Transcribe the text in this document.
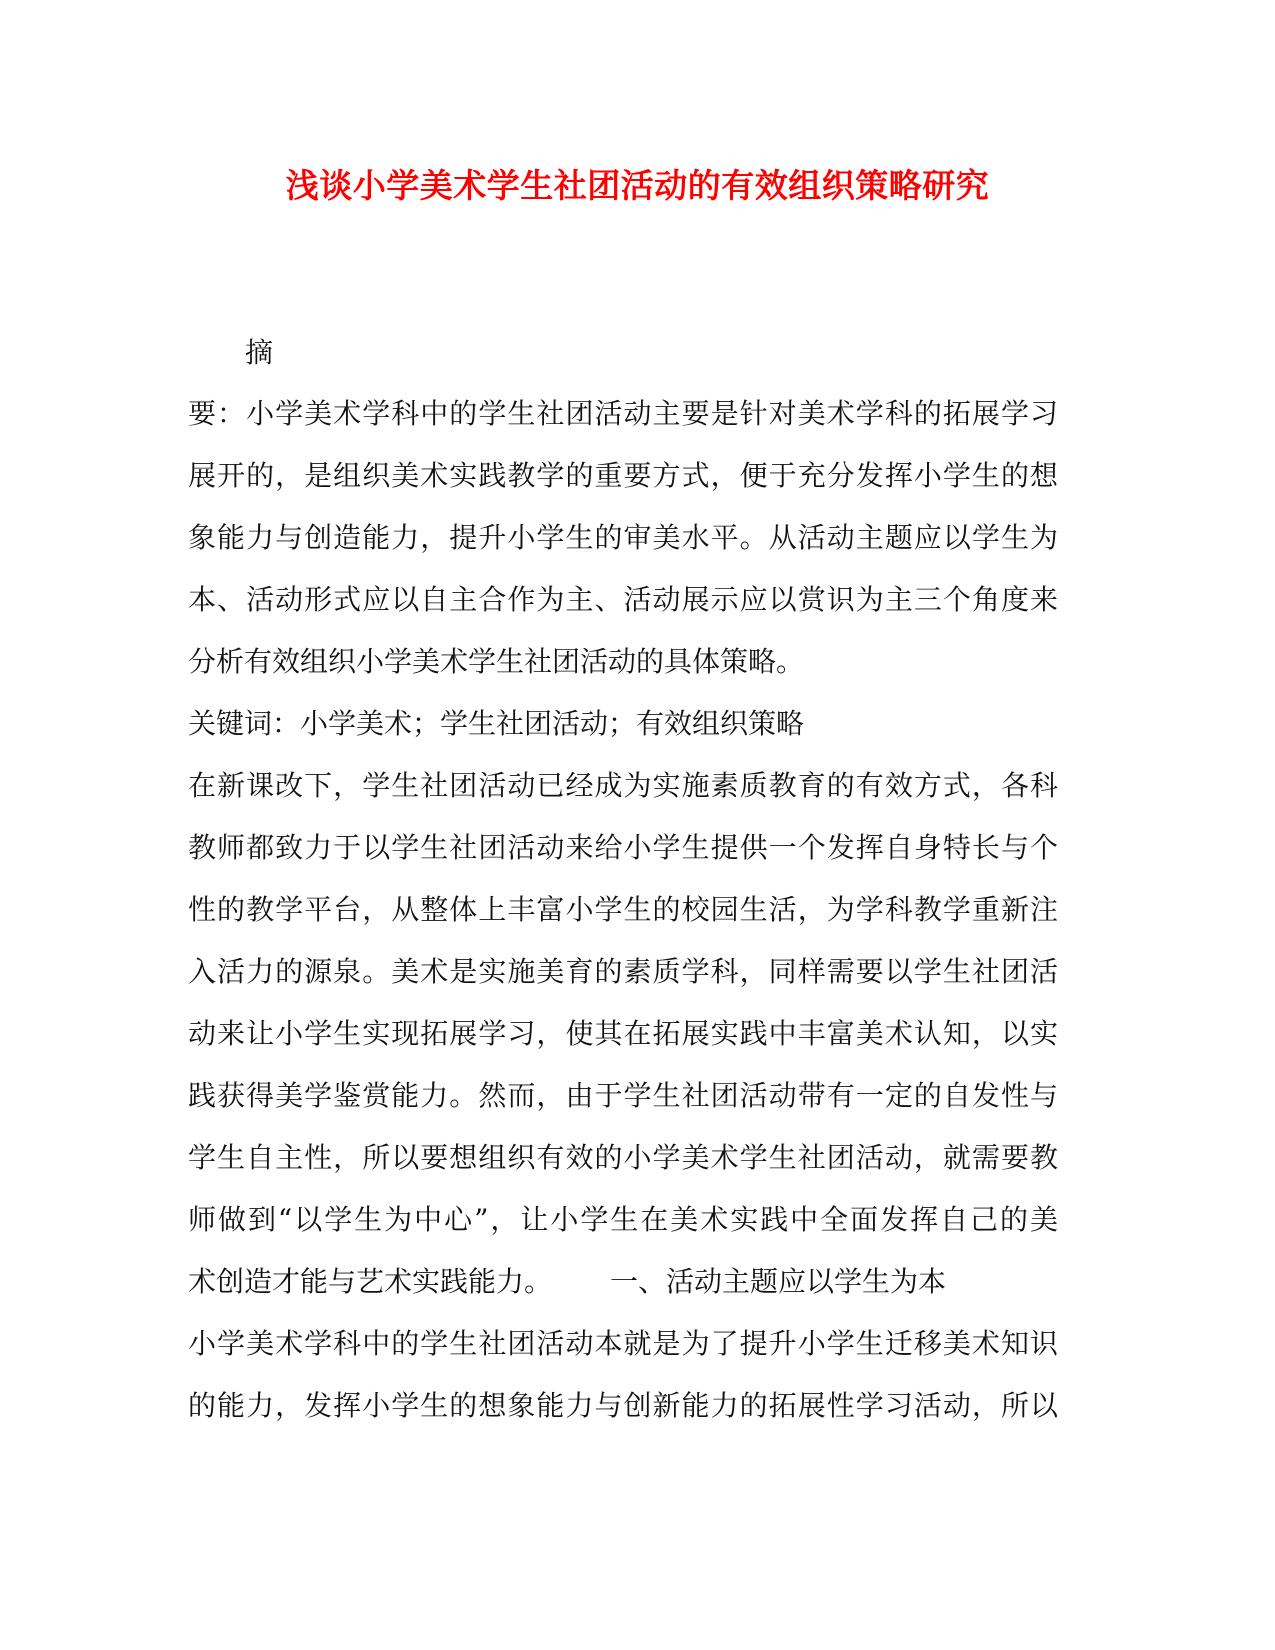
浅谈小学美术学生社团活动的有效组织策略研究

摘

要：小学美术学科中的学生社团活动主要是针对美术学科的拓展学习

展开的，是组织美术实践教学的重要方式，便于充分发挥小学生的想

象能力与创造能力，提升小学生的审美水平。从活动主题应以学生为

本、活动形式应以自主合作为主、活动展示应以赏识为主三个角度来

分析有效组织小学美术学生社团活动的具体策略。

关键词：小学美术；学生社团活动；有效组织策略

在新课改下，学生社团活动已经成为实施素质教育的有效方式，各科

教师都致力于以学生社团活动来给小学生提供一个发挥自身特长与个

性的教学平台，从整体上丰富小学生的校园生活，为学科教学重新注

入活力的源泉。美术是实施美育的素质学科，同样需要以学生社团活

动来让小学生实现拓展学习，使其在拓展实践中丰富美术认知，以实

践获得美学鉴赏能力。然而，由于学生社团活动带有一定的自发性与

学生自主性，所以要想组织有效的小学美术学生社团活动，就需要教

师做到“以学生为中心”，让小学生在美术实践中全面发挥自己的美

术创造才能与艺术实践能力。 一、活动主题应以学生为本

小学美术学科中的学生社团活动本就是为了提升小学生迁移美术知识

的能力，发挥小学生的想象能力与创新能力的拓展性学习活动，所以
